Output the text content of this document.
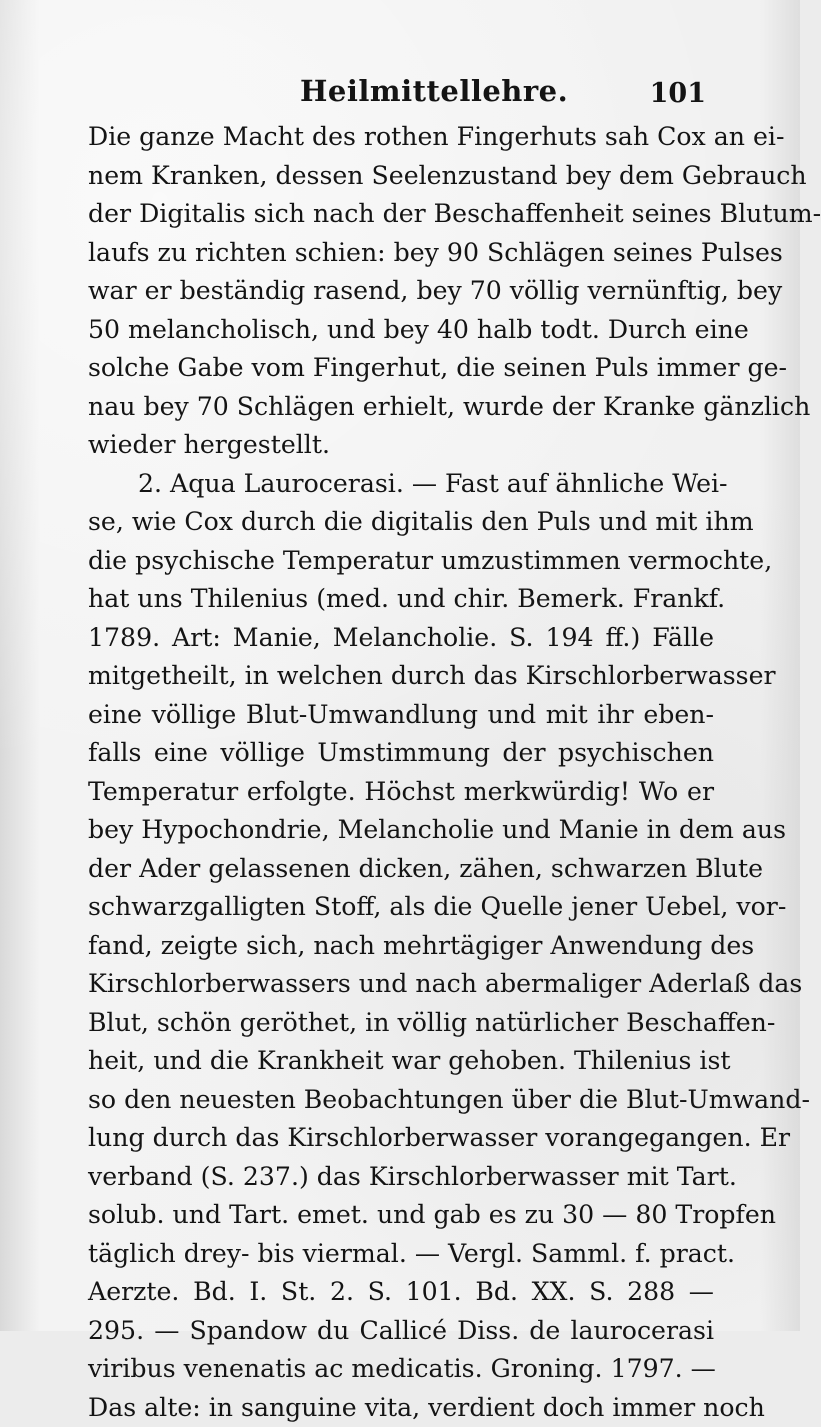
Heilmittellehre.	101
Die ganze Macht des rothen Fingerhuts sah Cox an ei-
nem Kranken, dessen Seelenzustand bey dem Gebrauch
der Digitalis sich nach der Beschaffenheit seines Blutum-
laufs zu richten schien: bey 90 Schlägen seines Pulses
war er beständig rasend, bey 70 völlig vernünftig, bey
50 melancholisch, und bey 40 halb todt. Durch eine
solche Gabe vom Fingerhut, die seinen Puls immer ge-
nau bey 70 Schlägen erhielt, wurde der Kranke gänzlich
wieder hergestellt.
2. Aqua Laurocerasi. — Fast auf ähnliche Wei-
se, wie Cox durch die digitalis den Puls und mit ihm
die psychische Temperatur umzustimmen vermochte,
hat uns Thilenius (med. und chir. Bemerk. Frankf.
1789. Art: Manie, Melancholie. S. 194 ff.) Fälle
mitgetheilt, in welchen durch das Kirschlorberwasser
eine völlige Blut-Umwandlung und mit ihr eben-
falls eine völlige Umstimmung der psychischen
Temperatur erfolgte. Höchst merkwürdig! Wo er
bey Hypochondrie, Melancholie und Manie in dem aus
der Ader gelassenen dicken, zähen, schwarzen Blute
schwarzgalligten Stoff, als die Quelle jener Uebel, vor-
fand, zeigte sich, nach mehrtägiger Anwendung des
Kirschlorberwassers und nach abermaliger Aderlaß das
Blut, schön geröthet, in völlig natürlicher Beschaffen-
heit, und die Krankheit war gehoben. Thilenius ist
so den neuesten Beobachtungen über die Blut-Umwand-
lung durch das Kirschlorberwasser vorangegangen. Er
verband (S. 237.) das Kirschlorberwasser mit Tart.
solub. und Tart. emet. und gab es zu 30 — 80 Tropfen
täglich drey- bis viermal. — Vergl. Samml. f. pract.
Aerzte. Bd. I. St. 2. S. 101. Bd. XX. S. 288 —
295. — Spandow du Callicé Diss. de laurocerasi
viribus venenatis ac medicatis. Groning. 1797. —
Das alte: in sanguine vita, verdient doch immer noch
